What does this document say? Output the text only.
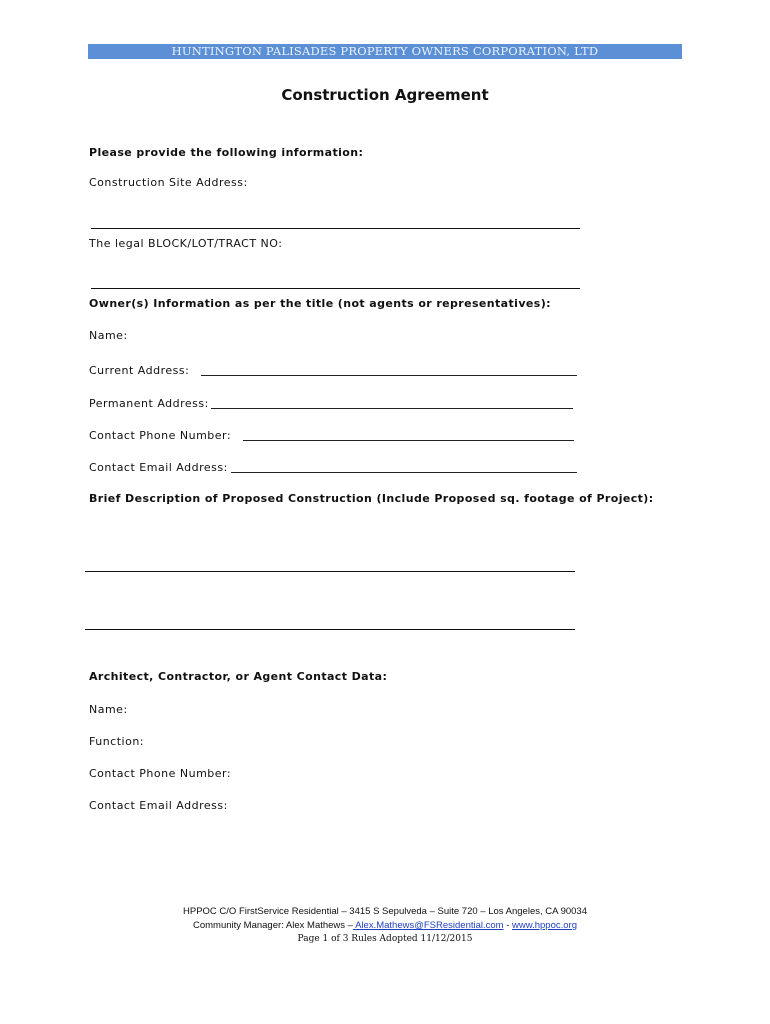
HUNTINGTON PALISADES PROPERTY OWNERS CORPORATION, LTD
Construction Agreement
Please provide the following information:
Construction Site Address:
The legal BLOCK/LOT/TRACT NO:
Owner(s) Information as per the title (not agents or representatives):
Name:
Current Address:
Permanent Address:
Contact Phone Number:
Contact Email Address:
Brief Description of Proposed Construction (Include Proposed sq. footage of Project):
Architect, Contractor, or Agent Contact Data:
Name:
Function:
Contact Phone Number:
Contact Email Address:
HPPOC C/O FirstService Residential – 3415 S Sepulveda – Suite 720 – Los Angeles, CA 90034
Community Manager: Alex Mathews – Alex.Mathews@FSResidential.com - www.hppoc.org
Page 1 of 3 Rules Adopted 11/12/2015
